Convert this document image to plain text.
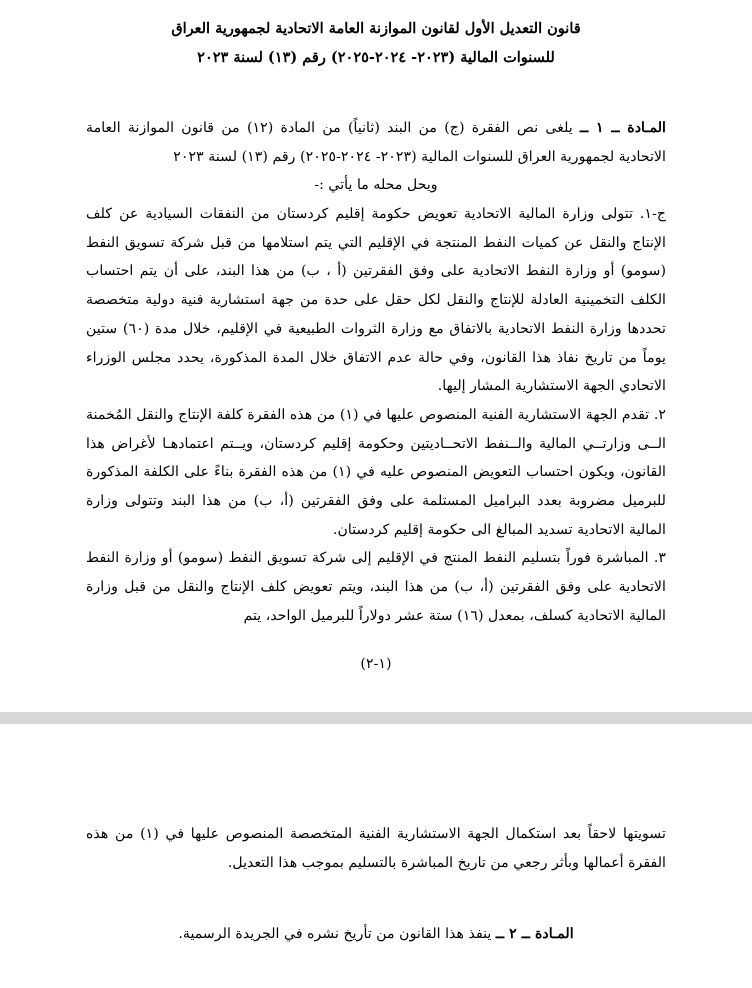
قانون التعديل الأول لقانون الموازنة العامة الاتحادية لجمهورية العراق
للسنوات المالية (٢٠٢٣- ٢٠٢٤-٢٠٢٥) رقم (١٣) لسنة ٢٠٢٣

المـادة ــ ١ ــ يلغى نص الفقرة (ج) من البند (ثانياً) من المادة (١٢) من قانون الموازنة العامة الاتحادية لجمهورية العراق للسنوات المالية (٢٠٢٣- ٢٠٢٤-٢٠٢٥) رقم (١٣) لسنة ٢٠٢٣

ويحل محله ما يأتي :-

ج-١. تتولى وزارة المالية الاتحادية تعويض حكومة إقليم كردستان من النفقات السيادية عن كلف الإنتاج والنقل عن كميات النفط المنتجة في الإقليم التي يتم استلامها من قبل شركة تسويق النفط (سومو) أو وزارة النفط الاتحادية على وفق الفقرتين (أ ، ب) من هذا البند، على أن يتم احتساب الكلف التخمينية العادلة للإنتاج والنقل لكل حقل على حدة من جهة استشارية فنية دولية متخصصة تحددها وزارة النفط الاتحادية بالاتفاق مع وزارة الثروات الطبيعية في الإقليم، خلال مدة (٦٠) ستين يوماً من تاريخ نفاذ هذا القانون، وفي حالة عدم الاتفاق خلال المدة المذكورة، يحدد مجلس الوزراء الاتحادي الجهة الاستشارية المشار إليها.

٢. تقدم الجهة الاستشارية الفنية المنصوص عليها في (١) من هذه الفقرة كلفة الإنتاج والنقل المُخمنة الــى وزارتــي المالية والــنفط الاتحــاديتين وحكومة إقليم كردستان، ويــتم اعتمادهـا لأغراض هذا القانون، ويكون احتساب التعويض المنصوص عليه في (١) من هذه الفقرة بناءً على الكلفة المذكورة للبرميل مضروبة بعدد البراميل المستلمة على وفق الفقرتين (أ، ب) من هذا البند وتتولى وزارة المالية الاتحادية تسديد المبالغ الى حكومة إقليم كردستان.

٣. المباشرة فوراً بتسليم النفط المنتج في الإقليم إلى شركة تسويق النفط (سومو) أو وزارة النفط الاتحادية على وفق الفقرتين (أ، ب) من هذا البند، ويتم تعويض كلف الإنتاج والنقل من قبل وزارة المالية الاتحادية كسلف، بمعدل (١٦) ستة عشر دولاراً للبرميل الواحد، يتم

(١-٢)

تسويتها لاحقاً بعد استكمال الجهة الاستشارية الفنية المتخصصة المنصوص عليها في (١) من هذه الفقرة أعمالها وبأثر رجعي من تاريخ المباشرة بالتسليم بموجب هذا التعديل.

المـادة ــ ٢ ــ ينفذ هذا القانون من تأريخ نشره في الجريدة الرسمية.
